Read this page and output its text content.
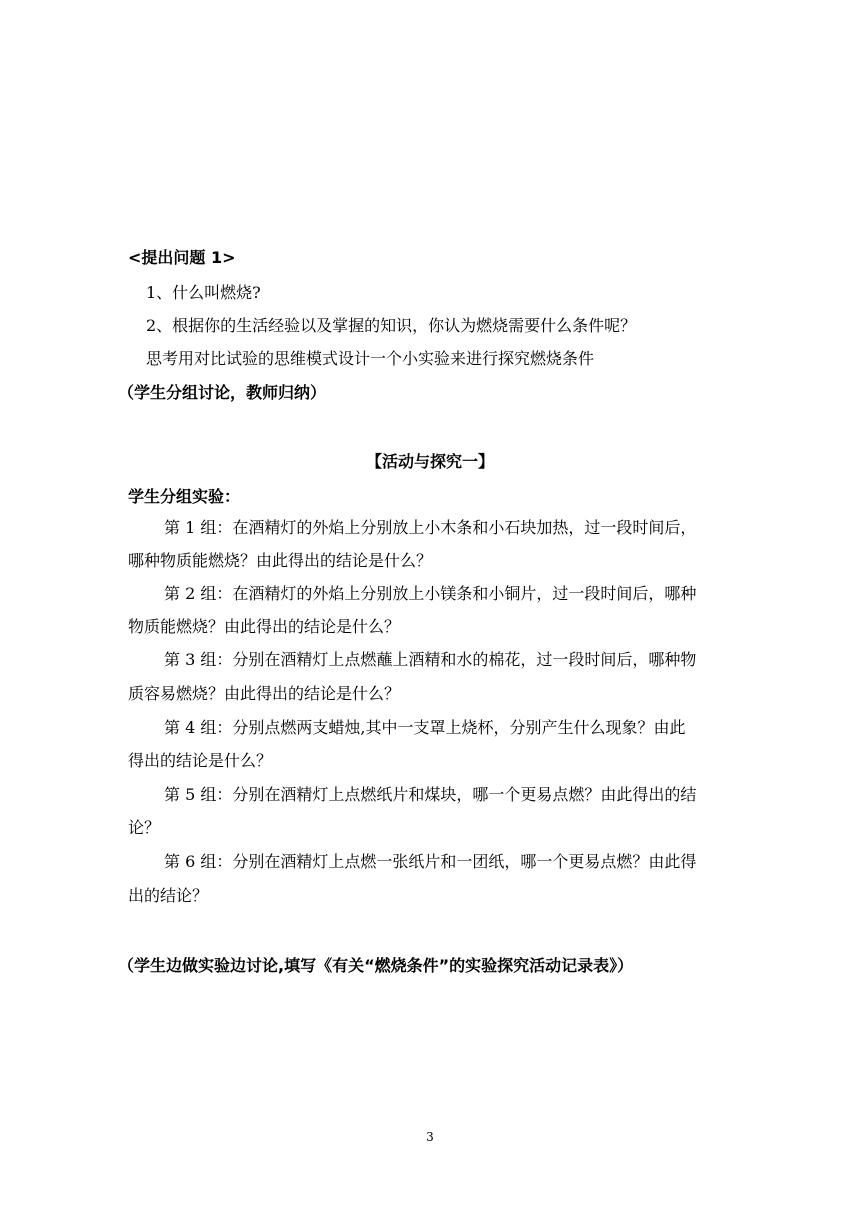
<提出问题 1>
1、什么叫燃烧?
2、根据你的生活经验以及掌握的知识，你认为燃烧需要什么条件呢？
思考用对比试验的思维模式设计一个小实验来进行探究燃烧条件
（学生分组讨论，教师归纳）
【活动与探究一】
学生分组实验：
第 1 组：在酒精灯的外焰上分别放上小木条和小石块加热，过一段时间后，
哪种物质能燃烧？由此得出的结论是什么？
第 2 组：在酒精灯的外焰上分别放上小镁条和小铜片，过一段时间后，哪种
物质能燃烧？由此得出的结论是什么？
第 3 组：分别在酒精灯上点燃蘸上酒精和水的棉花，过一段时间后，哪种物
质容易燃烧？由此得出的结论是什么？
第 4 组：分别点燃两支蜡烛,其中一支罩上烧杯，分别产生什么现象？由此
得出的结论是什么？
第 5 组：分别在酒精灯上点燃纸片和煤块，哪一个更易点燃？由此得出的结
论？
第 6 组：分别在酒精灯上点燃一张纸片和一团纸，哪一个更易点燃？由此得
出的结论？
（学生边做实验边讨论,填写《有关“燃烧条件”的实验探究活动记录表》）
3
